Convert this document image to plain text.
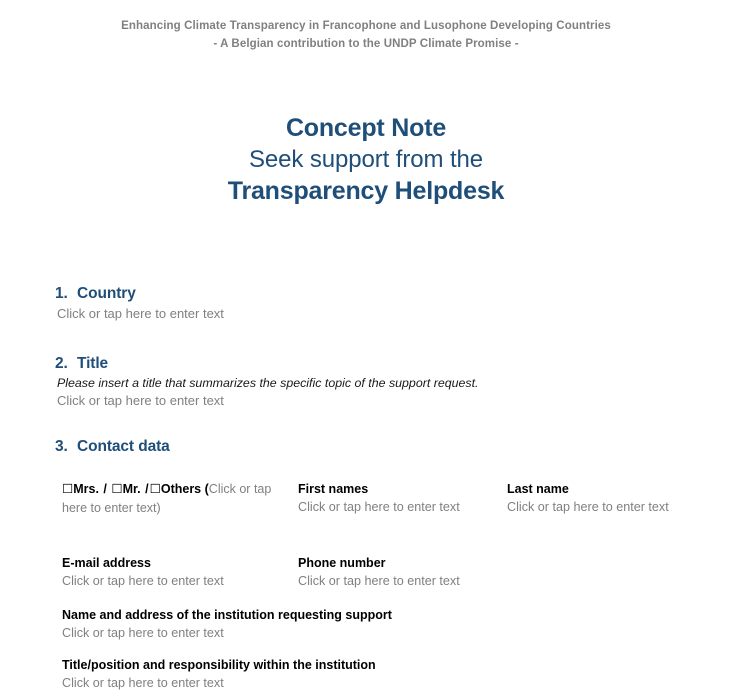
Enhancing Climate Transparency in Francophone and Lusophone Developing Countries
- A Belgian contribution to the UNDP Climate Promise -
Concept Note
Seek support from the
Transparency Helpdesk
1. Country
Click or tap here to enter text
2. Title
Please insert a title that summarizes the specific topic of the support request.
Click or tap here to enter text
3. Contact data
☐Mrs. / ☐Mr. /☐Others (Click or tap here to enter text)
First names
Click or tap here to enter text
Last name
Click or tap here to enter text
E-mail address
Click or tap here to enter text
Phone number
Click or tap here to enter text
Name and address of the institution requesting support
Click or tap here to enter text
Title/position and responsibility within the institution
Click or tap here to enter text
